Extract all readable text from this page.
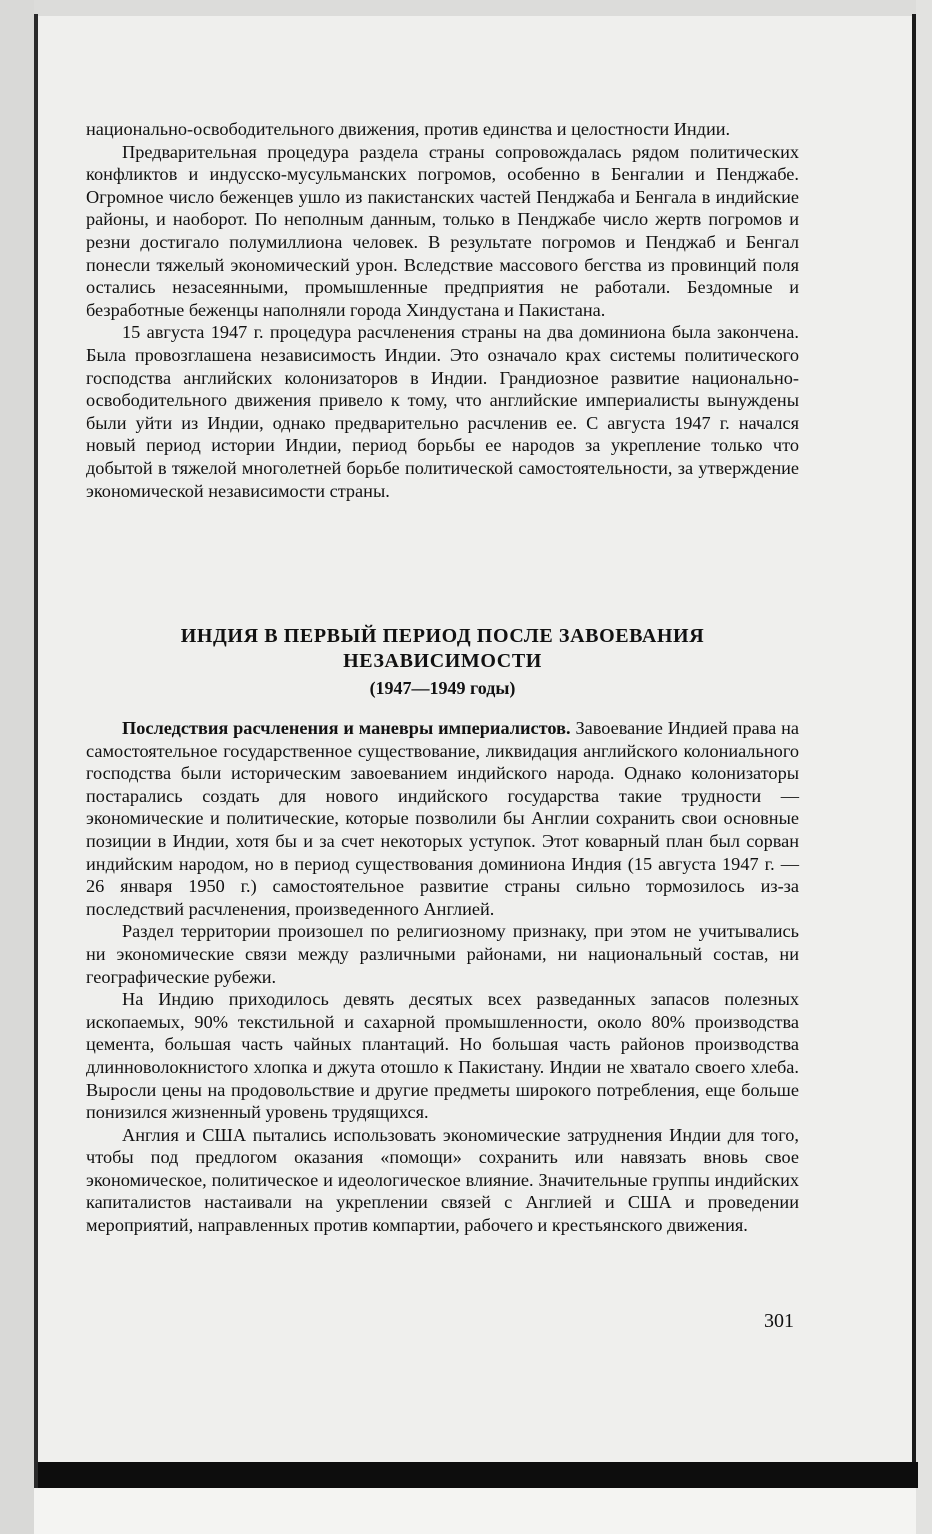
национально-освободительного движения, против единства и целостности Индии.

Предварительная процедура раздела страны сопровождалась рядом политических конфликтов и индусско-мусульманских погромов, особенно в Бенгалии и Пенджабе. Огромное число беженцев ушло из пакистанских частей Пенджаба и Бенгала в индийские районы, и наоборот. По неполным данным, только в Пенджабе число жертв погромов и резни достигало полумиллиона человек. В результате погромов и Пенджаб и Бенгал понесли тяжелый экономический урон. Вследствие массового бегства из провинций поля остались незасеянными, промышленные предприятия не работали. Бездомные и безработные беженцы наполняли города Хиндустана и Пакистана.

15 августа 1947 г. процедура расчленения страны на два доминиона была закончена. Была провозглашена независимость Индии. Это означало крах системы политического господства английских колонизаторов в Индии. Грандиозное развитие национально-освободительного движения привело к тому, что английские империалисты вынуждены были уйти из Индии, однако предварительно расчленив ее. С августа 1947 г. начался новый период истории Индии, период борьбы ее народов за укрепление только что добытой в тяжелой многолетней борьбе политической самостоятельности, за утверждение экономической независимости страны.

ИНДИЯ В ПЕРВЫЙ ПЕРИОД ПОСЛЕ ЗАВОЕВАНИЯ
НЕЗАВИСИМОСТИ
(1947—1949 годы)

Последствия расчленения и маневры империалистов. Завоевание Индией права на самостоятельное государственное существование, ликвидация английского колониального господства были историческим завоеванием индийского народа. Однако колонизаторы постарались создать для нового индийского государства такие трудности — экономические и политические, которые позволили бы Англии сохранить свои основные позиции в Индии, хотя бы и за счет некоторых уступок. Этот коварный план был сорван индийским народом, но в период существования доминиона Индия (15 августа 1947 г. — 26 января 1950 г.) самостоятельное развитие страны сильно тормозилось из-за последствий расчленения, произведенного Англией.

Раздел территории произошел по религиозному признаку, при этом не учитывались ни экономические связи между различными районами, ни национальный состав, ни географические рубежи.

На Индию приходилось девять десятых всех разведанных запасов полезных ископаемых, 90% текстильной и сахарной промышленности, около 80% производства цемента, большая часть чайных плантаций. Но большая часть районов производства длинноволокнистого хлопка и джута отошло к Пакистану. Индии не хватало своего хлеба. Выросли цены на продовольствие и другие предметы широкого потребления, еще больше понизился жизненный уровень трудящихся.

Англия и США пытались использовать экономические затруднения Индии для того, чтобы под предлогом оказания «помощи» сохранить или навязать вновь свое экономическое, политическое и идеологическое влияние. Значительные группы индийских капиталистов настаивали на укреплении связей с Англией и США и проведении мероприятий, направленных против компартии, рабочего и крестьянского движения.

301
